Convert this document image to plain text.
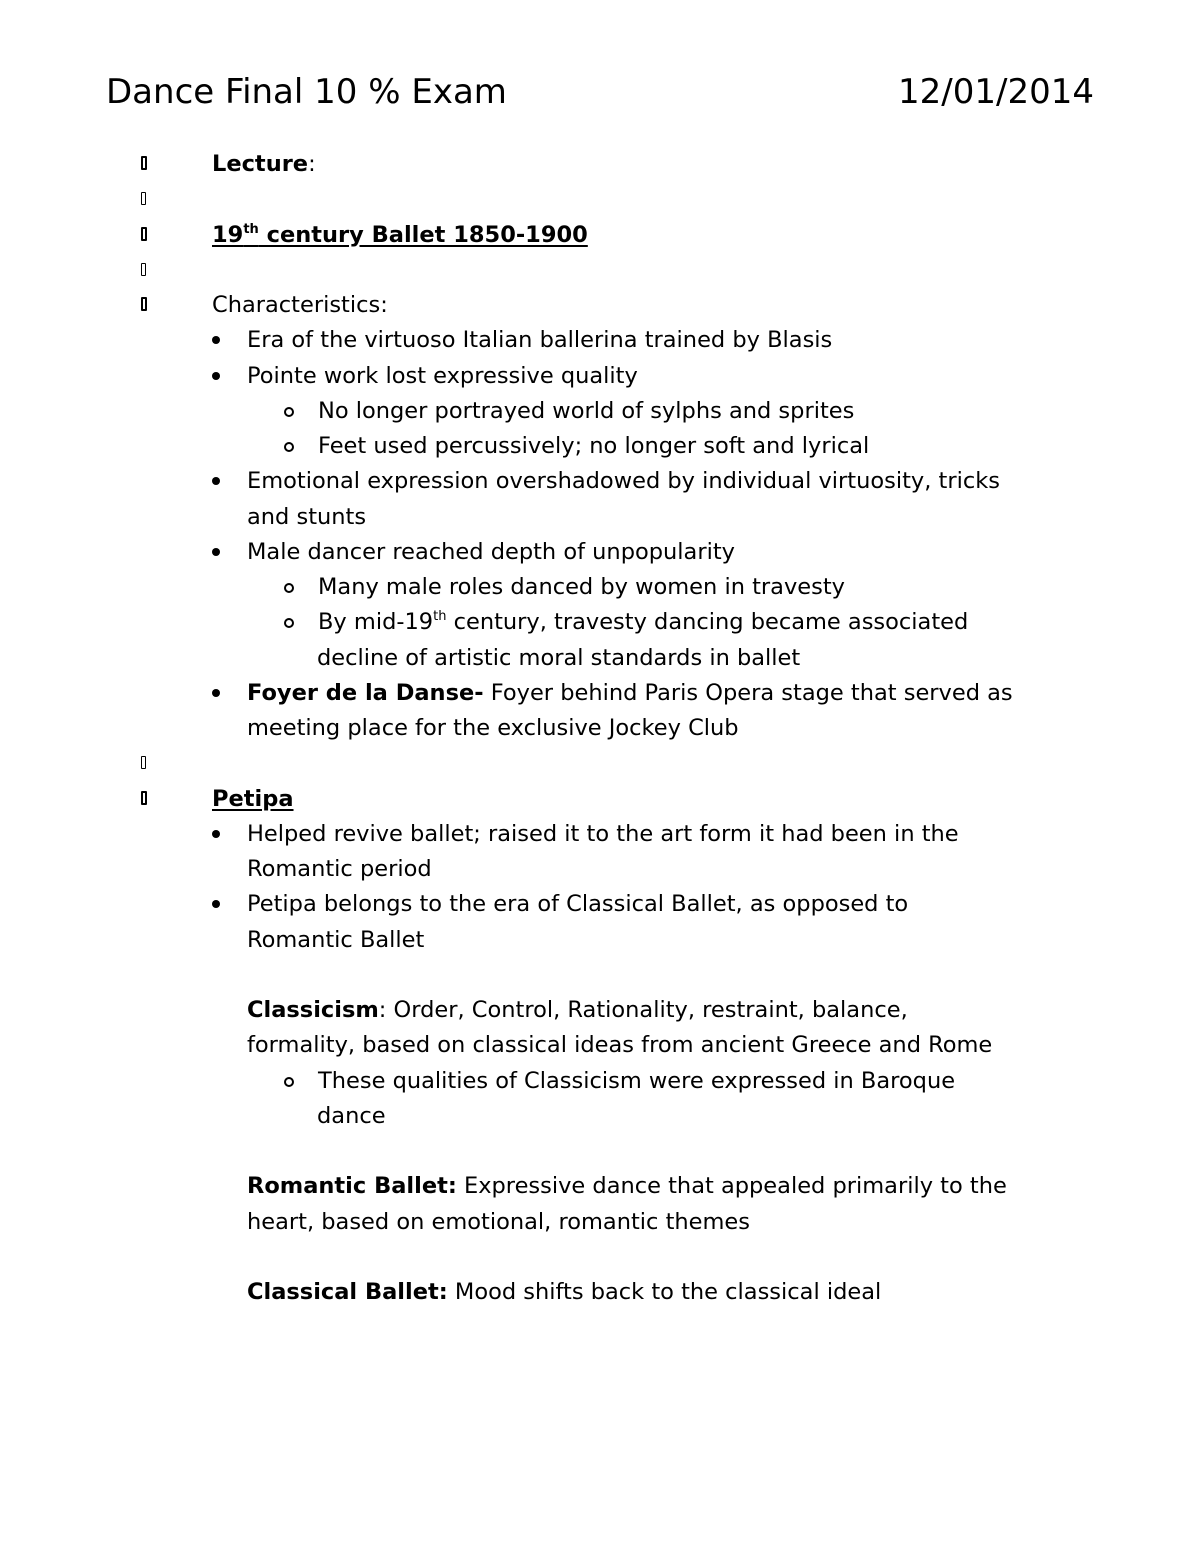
Dance Final 10 % Exam	12/01/2014
Lecture:
19th century Ballet 1850-1900
Characteristics:
Era of the virtuoso Italian ballerina trained by Blasis
Pointe work lost expressive quality
No longer portrayed world of sylphs and sprites
Feet used percussively; no longer soft and lyrical
Emotional expression overshadowed by individual virtuosity, tricks
and stunts
Male dancer reached depth of unpopularity
Many male roles danced by women in travesty
By mid-19th century, travesty dancing became associated
decline of artistic moral standards in ballet
Foyer de la Danse- Foyer behind Paris Opera stage that served as
meeting place for the exclusive Jockey Club
Petipa
Helped revive ballet; raised it to the art form it had been in the
Romantic period
Petipa belongs to the era of Classical Ballet, as opposed to
Romantic Ballet
Classicism: Order, Control, Rationality, restraint, balance,
formality, based on classical ideas from ancient Greece and Rome
These qualities of Classicism were expressed in Baroque
dance
Romantic Ballet: Expressive dance that appealed primarily to the
heart, based on emotional, romantic themes
Classical Ballet: Mood shifts back to the classical ideal
